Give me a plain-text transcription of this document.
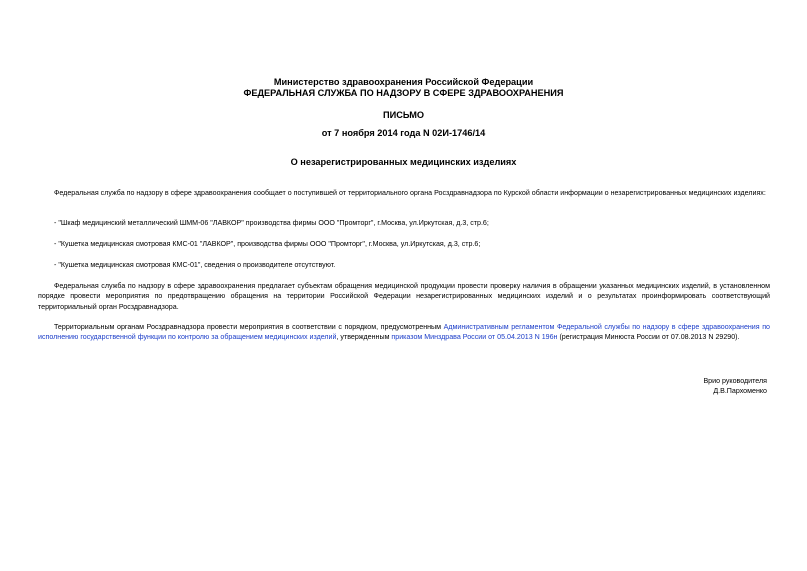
Министерство здравоохранения Российской Федерации
ФЕДЕРАЛЬНАЯ СЛУЖБА ПО НАДЗОРУ В СФЕРЕ ЗДРАВООХРАНЕНИЯ
ПИСЬМО
от 7 ноября 2014 года N 02И-1746/14
О незарегистрированных медицинских изделиях

Федеральная служба по надзору в сфере здравоохранения сообщает о поступившей от территориального органа Росздравнадзора по Курской области информации о незарегистрированных медицинских изделиях:

- "Шкаф медицинский металлический ШММ-06 "ЛАВКОР" производства фирмы ООО "Промторг", г.Москва, ул.Иркутская, д.3, стр.6;

- "Кушетка медицинская смотровая КМС-01 "ЛАВКОР", производства фирмы ООО "Промторг", г.Москва, ул.Иркутская, д.3, стр.6;

- "Кушетка медицинская смотровая КМС-01", сведения о производителе отсутствуют.

Федеральная служба по надзору в сфере здравоохранения предлагает субъектам обращения медицинской продукции провести проверку наличия в обращении указанных медицинских изделий, в установленном порядке провести мероприятия по предотвращению обращения на территории Российской Федерации незарегистрированных медицинских изделий и о результатах проинформировать соответствующий территориальный орган Росздравнадзора.

Территориальным органам Росздравнадзора провести мероприятия в соответствии с порядком, предусмотренным Административным регламентом Федеральной службы по надзору в сфере здравоохранения по исполнению государственной функции по контролю за обращением медицинских изделий, утвержденным приказом Минздрава России от 05.04.2013 N 196н (регистрация Минюста России от 07.08.2013 N 29290).

Врио руководителя
Д.В.Пархоменко
